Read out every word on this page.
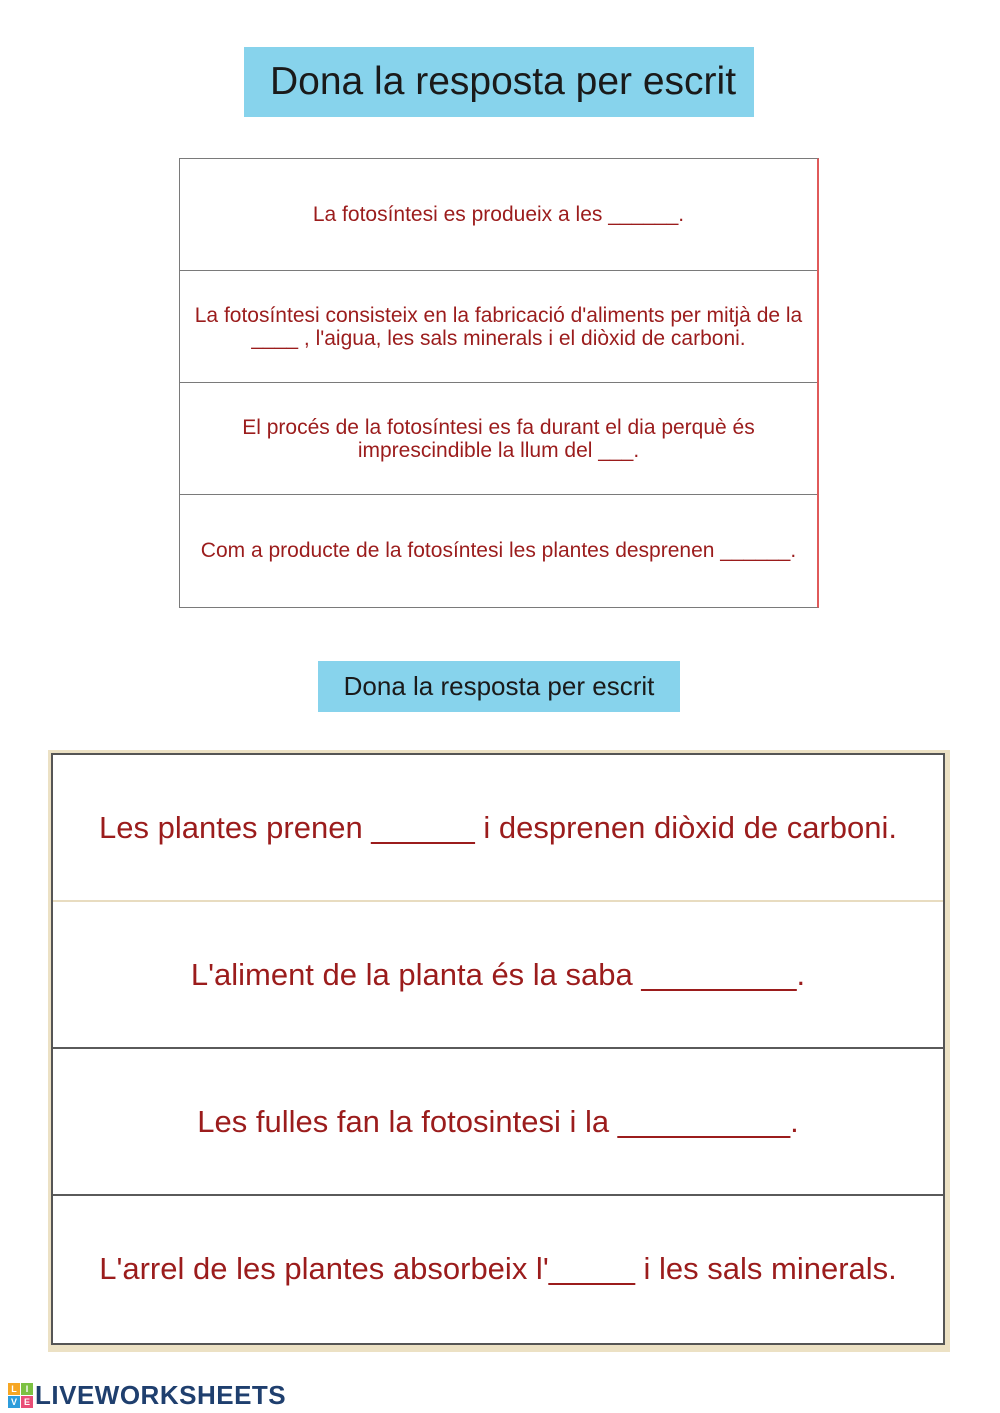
Dona la resposta per escrit
La fotosíntesi es produeix a les ______.
La fotosíntesi consisteix en la fabricació d'aliments per mitjà de la ____ , l'aigua, les sals minerals i el diòxid de carboni.
El procés de la fotosíntesi es fa durant el dia perquè és imprescindible la llum del ___.
Com a producte de la fotosíntesi les plantes desprenen ______.
Dona la resposta per escrit
Les plantes prenen ______ i desprenen diòxid de carboni.
L'aliment de la planta és la saba _________.
Les fulles fan la fotosintesi i la __________.
L'arrel de les plantes absorbeix l'_____ i les sals minerals.
L I
V E LIVEWORKSHEETS
